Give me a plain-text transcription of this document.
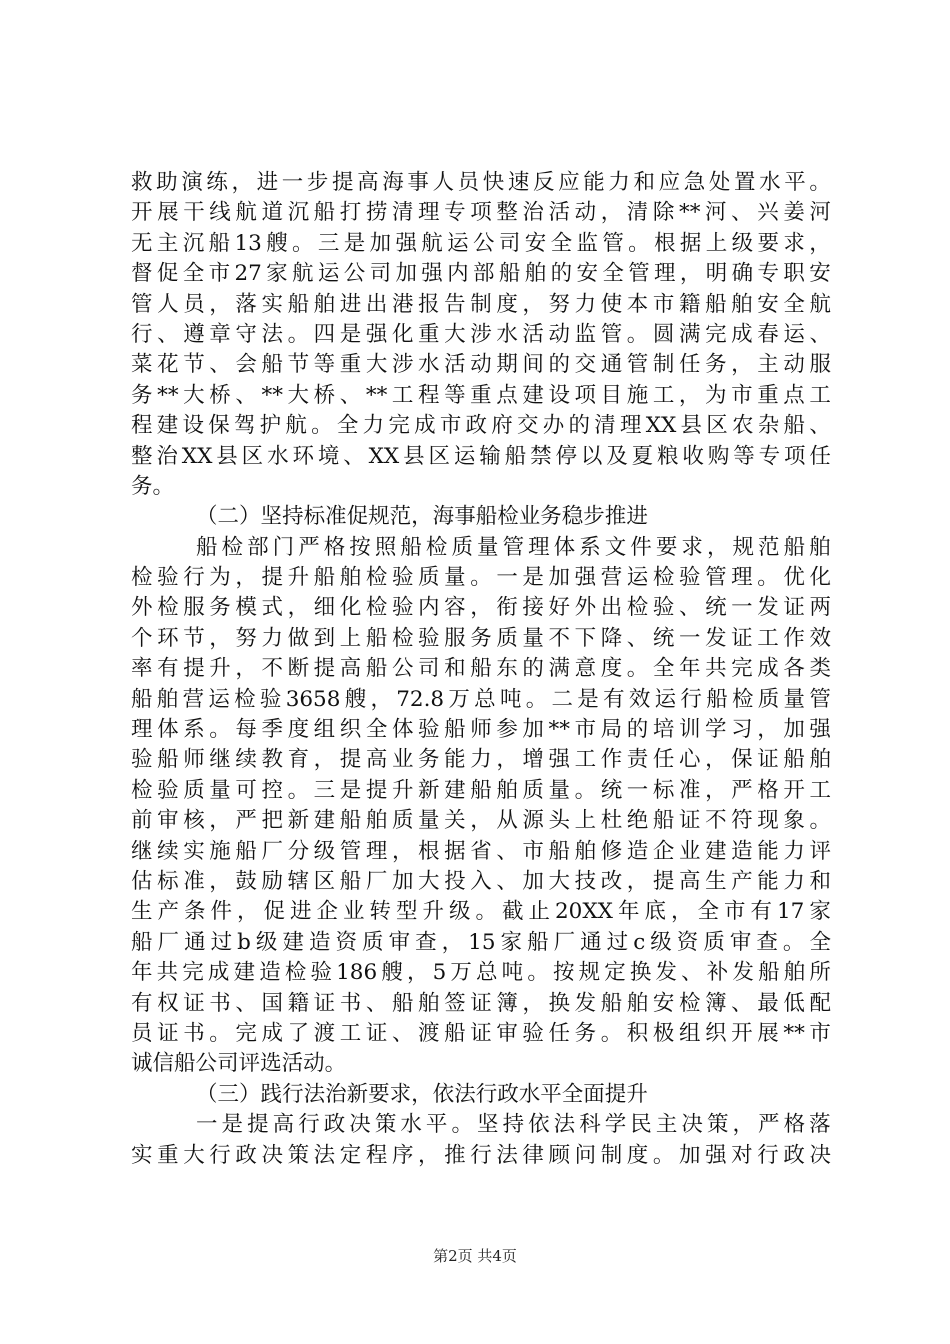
救 助 演 练 ， 进 一 步 提 高 海 事 人 员 快 速 反 应 能 力 和 应 急 处 置 水 平 。
开 展 干 线 航 道 沉 船 打 捞 清 理 专 项 整 治 活 动 ， 清 除 ** 河 、 兴 姜 河
无 主 沉 船 13 艘 。 三 是 加 强 航 运 公 司 安 全 监 管 。 根 据 上 级 要 求 ，
督 促 全 市 27 家 航 运 公 司 加 强 内 部 船 舶 的 安 全 管 理 ， 明 确 专 职 安
管 人 员 ， 落 实 船 舶 进 出 港 报 告 制 度 ， 努 力 使 本 市 籍 船 舶 安 全 航
行 、 遵 章 守 法 。 四 是 强 化 重 大 涉 水 活 动 监 管 。 圆 满 完 成 春 运 、
菜 花 节 、 会 船 节 等 重 大 涉 水 活 动 期 间 的 交 通 管 制 任 务 ， 主 动 服
务 ** 大 桥 、 ** 大 桥 、 ** 工 程 等 重 点 建 设 项 目 施 工 ， 为 市 重 点 工
程 建 设 保 驾 护 航 。 全 力 完 成 市 政 府 交 办 的 清 理 XX 县 区 农 杂 船 、
整 治 XX 县 区 水 环 境 、 XX 县 区 运 输 船 禁 停 以 及 夏 粮 收 购 等 专 项 任
务 。
（ 二 ） 坚 持 标 准 促 规 范 ， 海 事 船 检 业 务 稳 步 推 进
船 检 部 门 严 格 按 照 船 检 质 量 管 理 体 系 文 件 要 求 ， 规 范 船 舶
检 验 行 为 ， 提 升 船 舶 检 验 质 量 。 一 是 加 强 营 运 检 验 管 理 。 优 化
外 检 服 务 模 式 ， 细 化 检 验 内 容 ， 衔 接 好 外 出 检 验 、 统 一 发 证 两
个 环 节 ， 努 力 做 到 上 船 检 验 服 务 质 量 不 下 降 、 统 一 发 证 工 作 效
率 有 提 升 ， 不 断 提 高 船 公 司 和 船 东 的 满 意 度 。 全 年 共 完 成 各 类
船 舶 营 运 检 验 3658 艘 ， 72.8 万 总 吨 。 二 是 有 效 运 行 船 检 质 量 管
理 体 系 。 每 季 度 组 织 全 体 验 船 师 参 加 ** 市 局 的 培 训 学 习 ， 加 强
验 船 师 继 续 教 育 ， 提 高 业 务 能 力 ， 增 强 工 作 责 任 心 ， 保 证 船 舶
检 验 质 量 可 控 。 三 是 提 升 新 建 船 舶 质 量 。 统 一 标 准 ， 严 格 开 工
前 审 核 ， 严 把 新 建 船 舶 质 量 关 ， 从 源 头 上 杜 绝 船 证 不 符 现 象 。
继 续 实 施 船 厂 分 级 管 理 ， 根 据 省 、 市 船 舶 修 造 企 业 建 造 能 力 评
估 标 准 ， 鼓 励 辖 区 船 厂 加 大 投 入 、 加 大 技 改 ， 提 高 生 产 能 力 和
生 产 条 件 ， 促 进 企 业 转 型 升 级 。 截 止 20XX 年 底 ， 全 市 有 17 家
船 厂 通 过 b 级 建 造 资 质 审 查 ， 15 家 船 厂 通 过 c 级 资 质 审 查 。 全
年 共 完 成 建 造 检 验 186 艘 ， 5 万 总 吨 。 按 规 定 换 发 、 补 发 船 舶 所
有 权 证 书 、 国 籍 证 书 、 船 舶 签 证 簿 ， 换 发 船 舶 安 检 簿 、 最 低 配
员 证 书 。 完 成 了 渡 工 证 、 渡 船 证 审 验 任 务 。 积 极 组 织 开 展 ** 市
诚 信 船 公 司 评 选 活 动 。
（ 三 ） 践 行 法 治 新 要 求 ， 依 法 行 政 水 平 全 面 提 升
一 是 提 高 行 政 决 策 水 平 。 坚 持 依 法 科 学 民 主 决 策 ， 严 格 落
实 重 大 行 政 决 策 法 定 程 序 ， 推 行 法 律 顾 问 制 度 。 加 强 对 行 政 决
第2页 共4页
